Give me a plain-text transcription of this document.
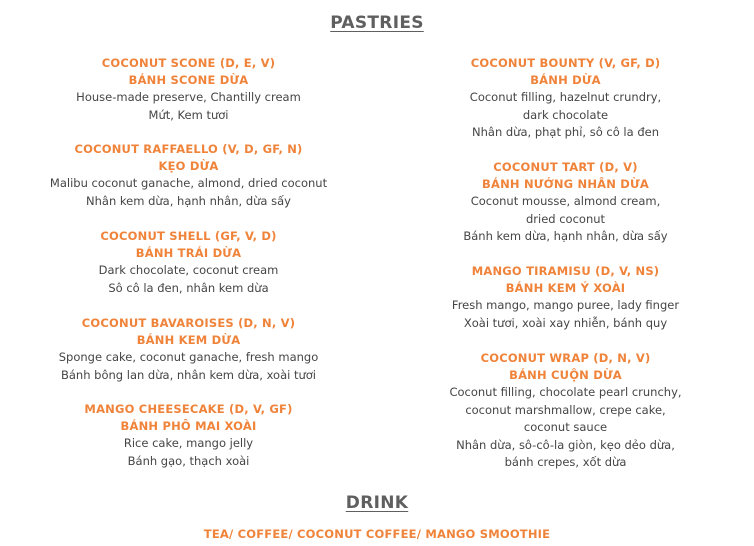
PASTRIES
COCONUT SCONE (D, E, V)
BÁNH SCONE DỪA
House-made preserve, Chantilly cream
Mứt, Kem tươi
COCONUT RAFFAELLO (V, D, GF, N)
KẸO DỪA
Malibu coconut ganache, almond, dried coconut
Nhân kem dừa, hạnh nhân, dừa sấy
COCONUT SHELL (GF, V, D)
BÁNH TRÁI DỪA
Dark chocolate, coconut cream
Sô cô la đen, nhân kem dừa
COCONUT BAVAROISES (D, N, V)
BÁNH KEM DỪA
Sponge cake, coconut ganache, fresh mango
Bánh bông lan dừa, nhân kem dừa, xoài tươi
MANGO CHEESECAKE (D, V, GF)
BÁNH PHÔ MAI XOÀI
Rice cake, mango jelly
Bánh gạo, thạch xoài
COCONUT BOUNTY (V, GF, D)
BÁNH DỪA
Coconut filling, hazelnut crundry,
dark chocolate
Nhân dừa, phạt phỉ, sô cô la đen
COCONUT TART (D, V)
BÁNH NƯỚNG NHÂN DỪA
Coconut mousse, almond cream,
dried coconut
Bánh kem dừa, hạnh nhân, dừa sấy
MANGO TIRAMISU (D, V, NS)
BÁNH KEM Ý XOÀI
Fresh mango, mango puree, lady finger
Xoài tươi, xoài xay nhiễn, bánh quy
COCONUT WRAP (D, N, V)
BÁNH CUỘN DỪA
Coconut filling, chocolate pearl crunchy,
coconut marshmallow, crepe cake,
coconut sauce
Nhân dừa, sô-cô-la giòn, kẹo dẻo dừa,
bánh crepes, xốt dừa
DRINK
TEA/ COFFEE/ COCONUT COFFEE/ MANGO SMOOTHIE
